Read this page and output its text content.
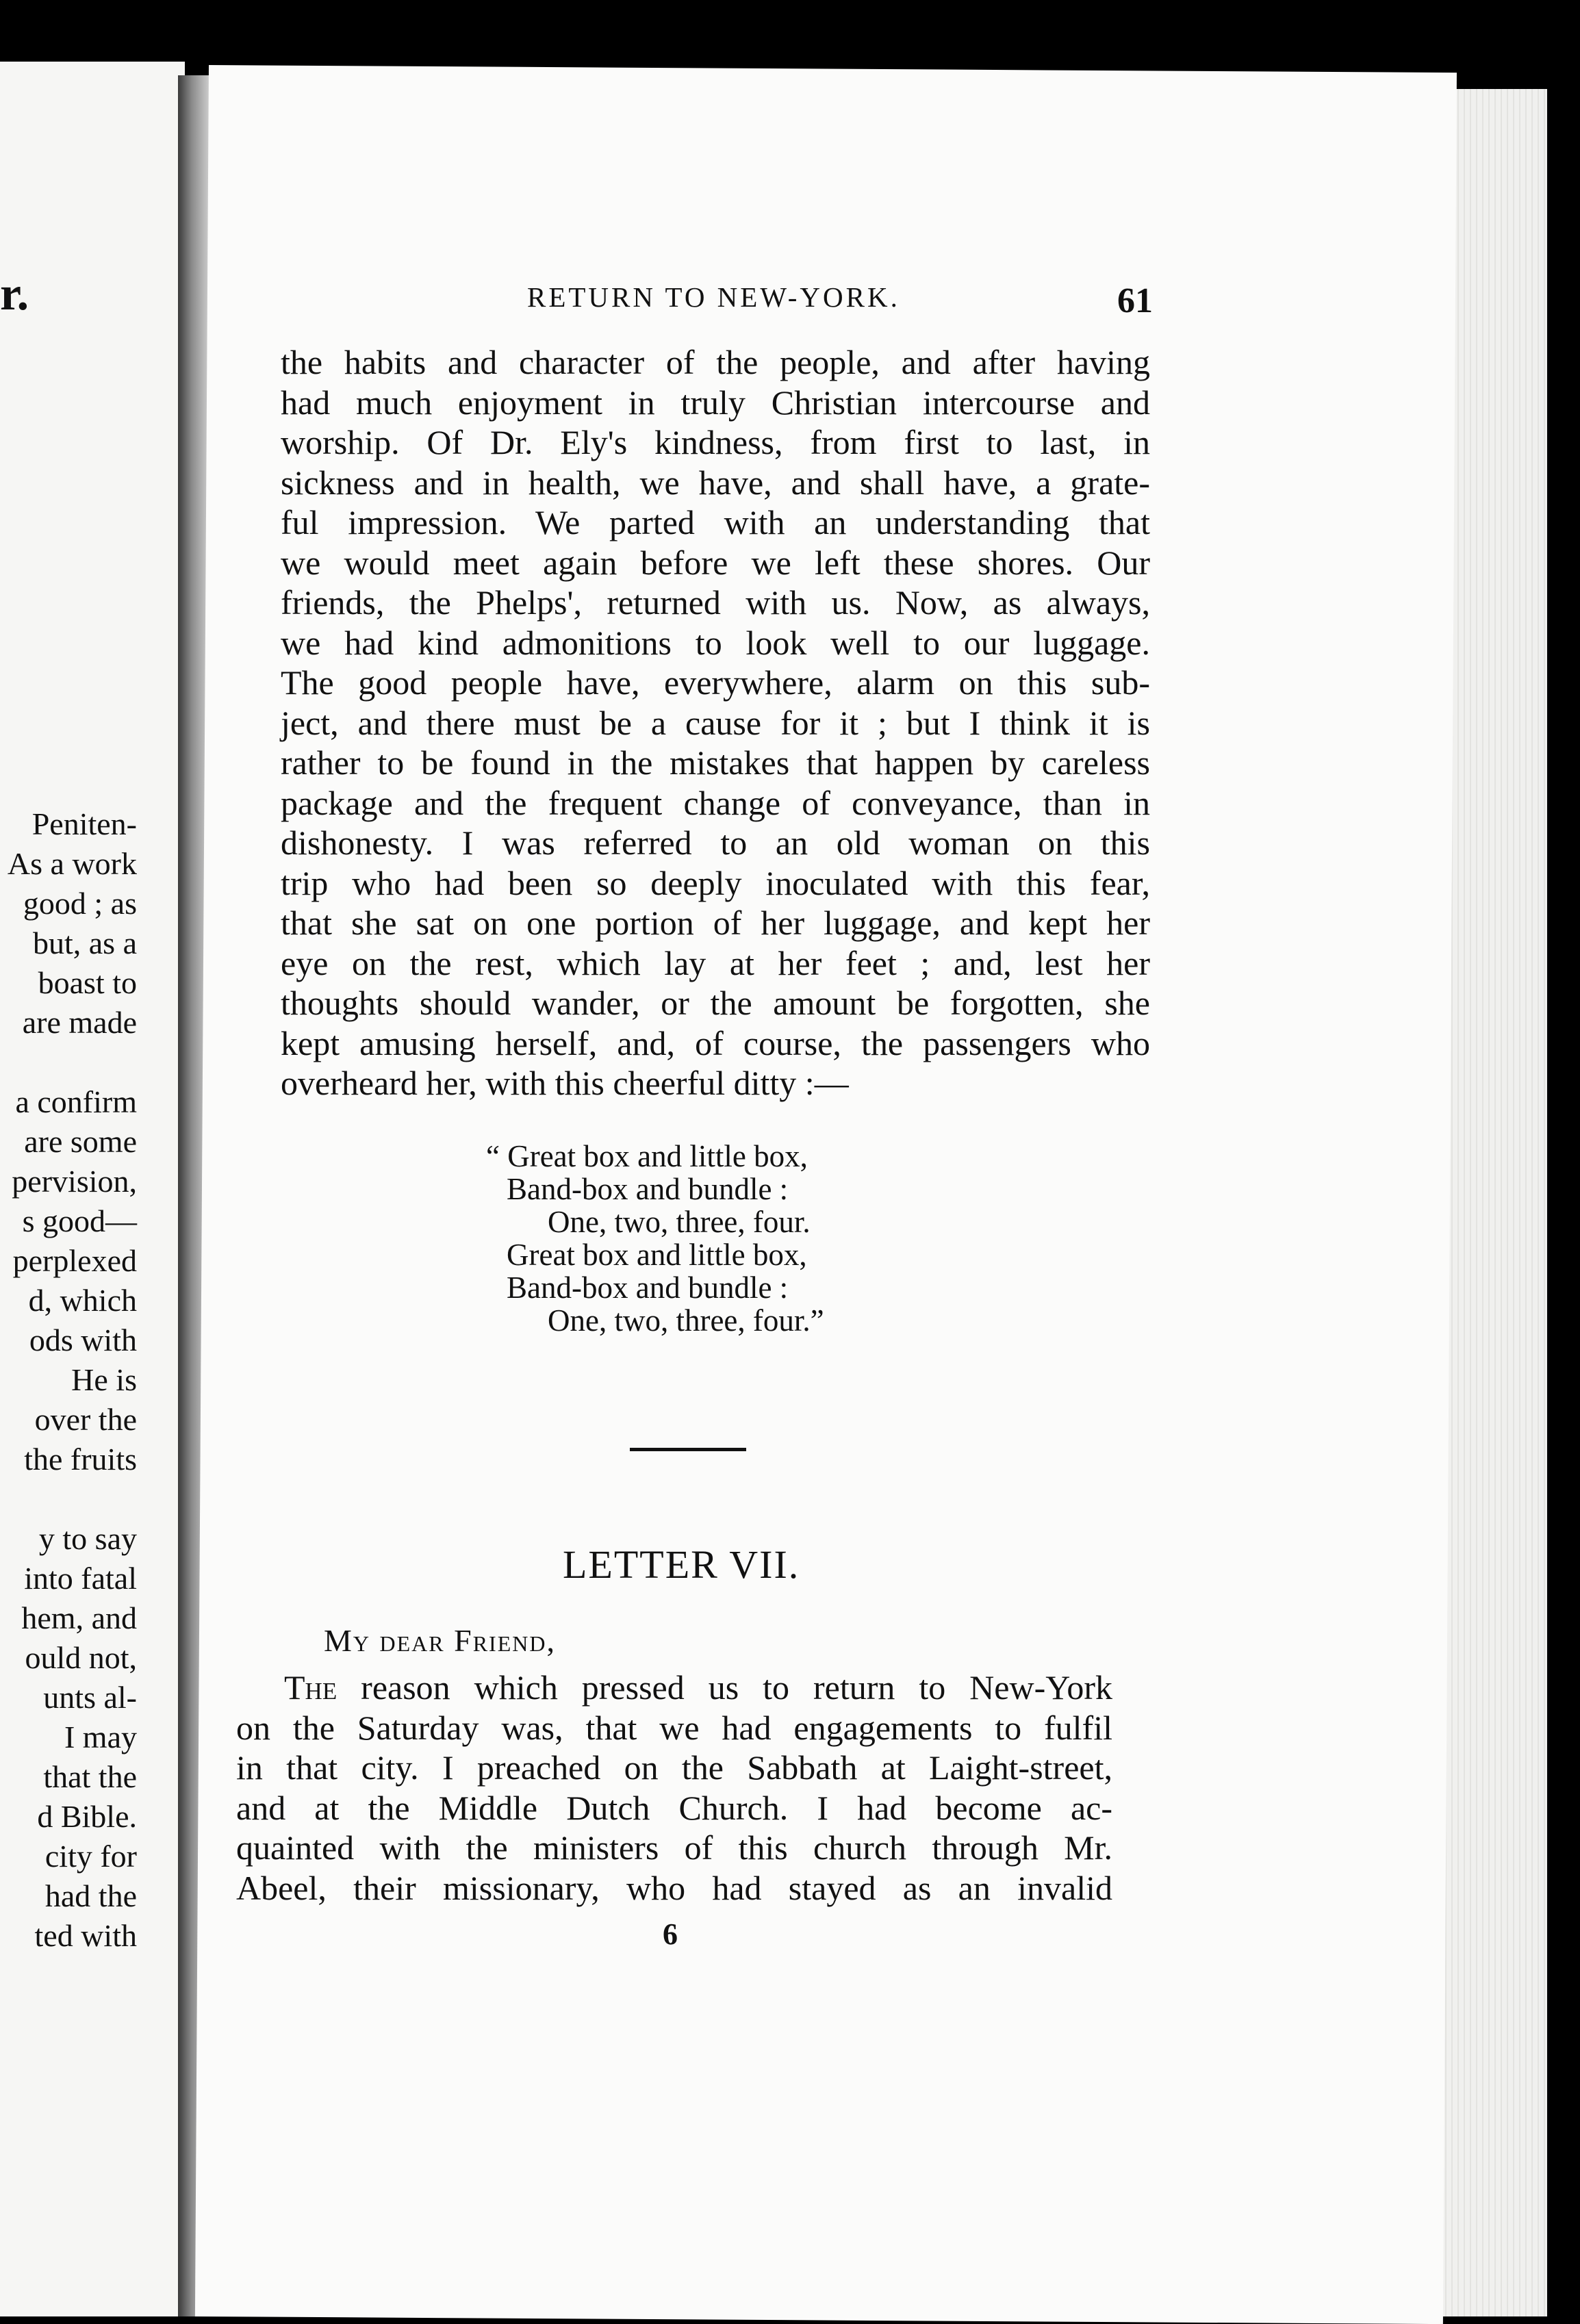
r.
Peniten-
As a work
good ; as
but, as a
boast to
are made

a confirm
are some
pervision,
s good—
perplexed
d, which
ods with
He is
over the
the fruits

y to say
into fatal
hem, and
ould not,
unts al-
I may
that the
d Bible.
city for
had the
ted with
RETURN TO NEW-YORK.	61
the habits and character of the people, and after having
had much enjoyment in truly Christian intercourse and
worship. Of Dr. Ely's kindness, from first to last, in
sickness and in health, we have, and shall have, a grate-
ful impression. We parted with an understanding that
we would meet again before we left these shores. Our
friends, the Phelps', returned with us. Now, as always,
we had kind admonitions to look well to our luggage.
The good people have, everywhere, alarm on this sub-
ject, and there must be a cause for it ; but I think it is
rather to be found in the mistakes that happen by careless
package and the frequent change of conveyance, than in
dishonesty. I was referred to an old woman on this
trip who had been so deeply inoculated with this fear,
that she sat on one portion of her luggage, and kept her
eye on the rest, which lay at her feet ; and, lest her
thoughts should wander, or the amount be forgotten, she
kept amusing herself, and, of course, the passengers who
overheard her, with this cheerful ditty :—
“ Great box and little box,
Band-box and bundle :
One, two, three, four.
Great box and little box,
Band-box and bundle :
One, two, three, four.”
LETTER VII.
My dear Friend,
The reason which pressed us to return to New-York
on the Saturday was, that we had engagements to fulfil
in that city. I preached on the Sabbath at Laight-street,
and at the Middle Dutch Church. I had become ac-
quainted with the ministers of this church through Mr.
Abeel, their missionary, who had stayed as an invalid
6
